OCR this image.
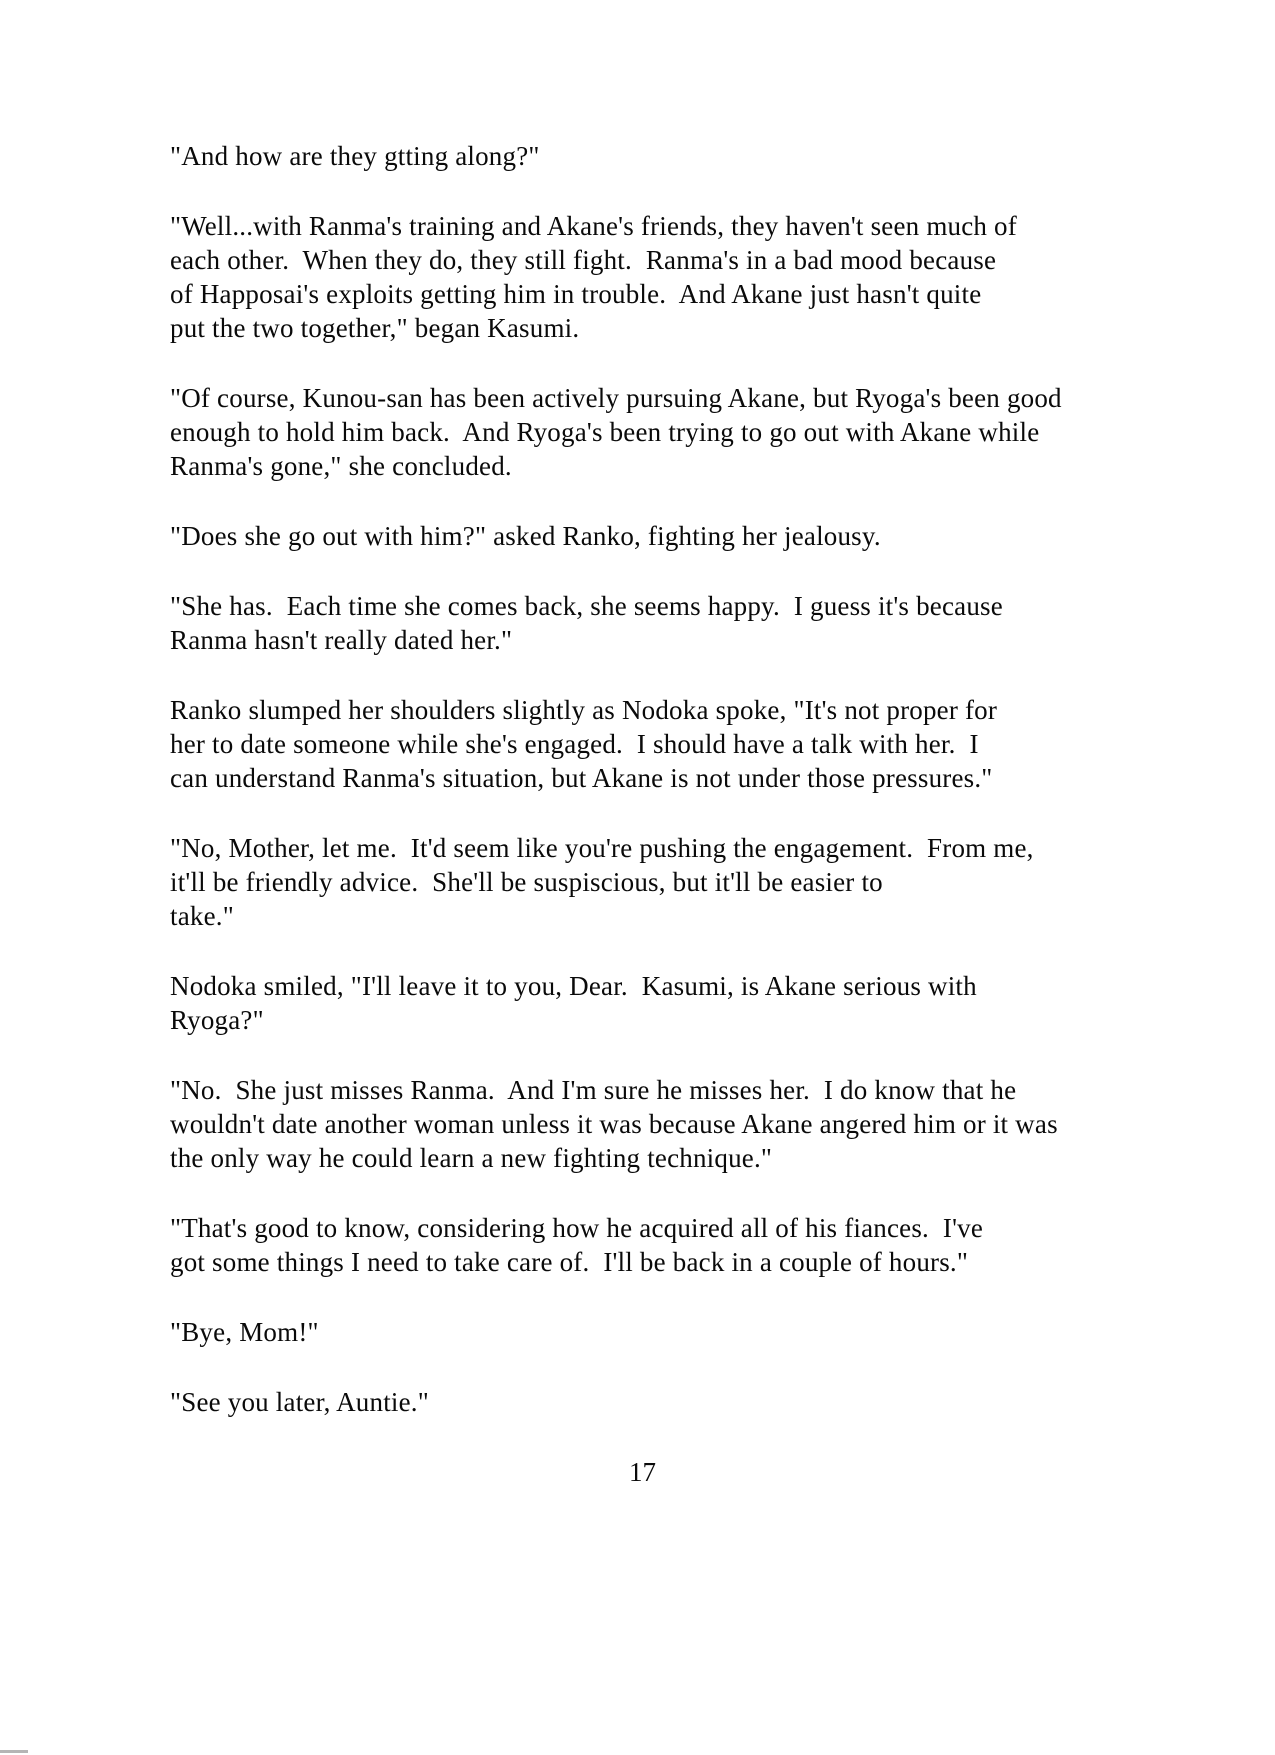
"And how are they gtting along?"
"Well...with Ranma's training and Akane's friends, they haven't seen much of
each other.  When they do, they still fight.  Ranma's in a bad mood because
of Happosai's exploits getting him in trouble.  And Akane just hasn't quite
put the two together," began Kasumi.
"Of course, Kunou-san has been actively pursuing Akane, but Ryoga's been good
enough to hold him back.  And Ryoga's been trying to go out with Akane while
Ranma's gone," she concluded.
"Does she go out with him?" asked Ranko, fighting her jealousy.
"She has.  Each time she comes back, she seems happy.  I guess it's because
Ranma hasn't really dated her."
Ranko slumped her shoulders slightly as Nodoka spoke, "It's not proper for
her to date someone while she's engaged.  I should have a talk with her.  I
can understand Ranma's situation, but Akane is not under those pressures."
"No, Mother, let me.  It'd seem like you're pushing the engagement.  From me,
it'll be friendly advice.  She'll be suspiscious, but it'll be easier to
take."
Nodoka smiled, "I'll leave it to you, Dear.  Kasumi, is Akane serious with
Ryoga?"
"No.  She just misses Ranma.  And I'm sure he misses her.  I do know that he
wouldn't date another woman unless it was because Akane angered him or it was
the only way he could learn a new fighting technique."
"That's good to know, considering how he acquired all of his fiances.  I've
got some things I need to take care of.  I'll be back in a couple of hours."
"Bye, Mom!"
"See you later, Auntie."
17
